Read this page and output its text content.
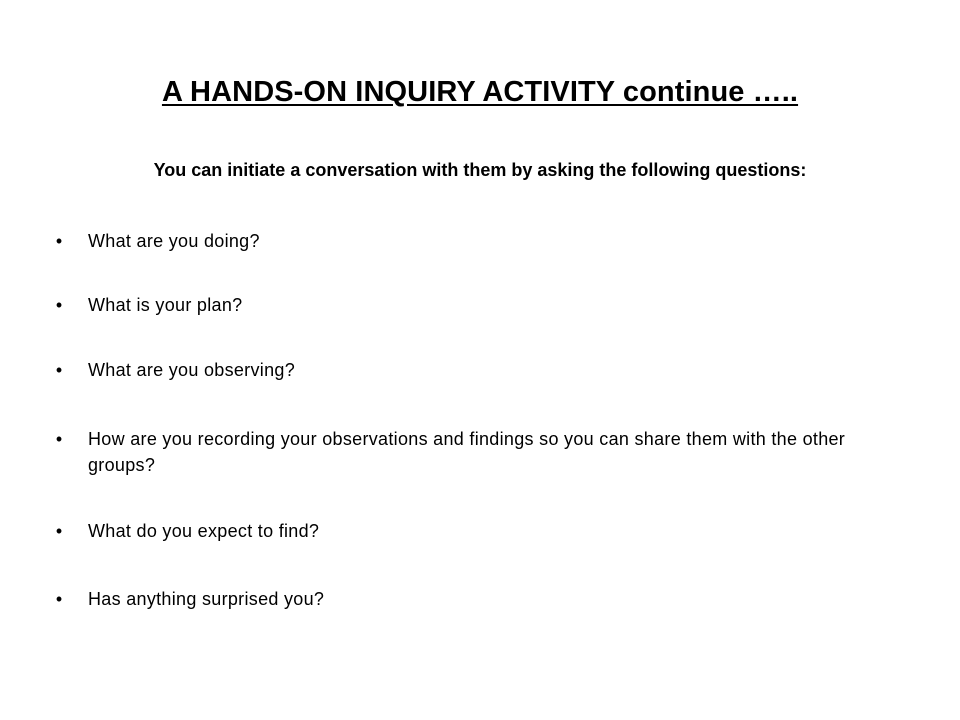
A HANDS-ON INQUIRY ACTIVITY continue …..
You can initiate a conversation with them by asking the following questions:
• What are you doing?
• What is your plan?
• What are you observing?
• How are you recording your observations and findings so you can share them with the other groups?
• What do you expect to find?
• Has anything surprised you?
